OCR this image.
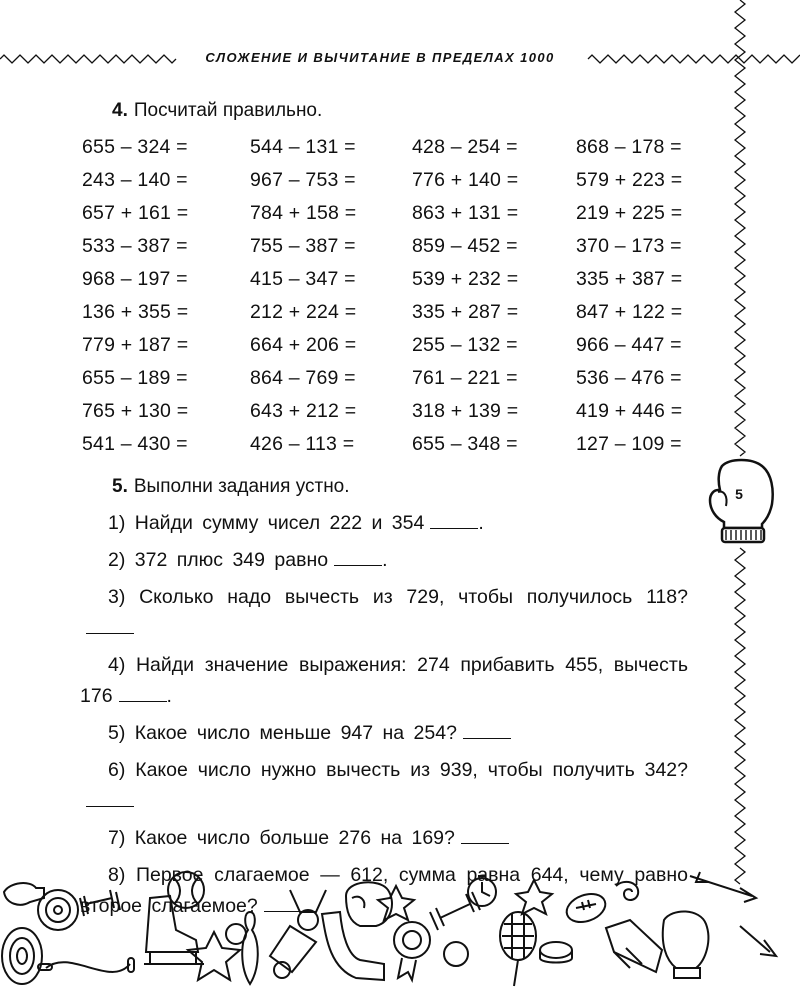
СЛОЖЕНИЕ И ВЫЧИТАНИЕ В ПРЕДЕЛАХ 1000
4. Посчитай правильно.
655 – 324 =	544 – 131 =	428 – 254 =	868 – 178 =
243 – 140 =	967 – 753 =	776 + 140 =	579 + 223 =
657 + 161 =	784 + 158 =	863 + 131 =	219 + 225 =
533 – 387 =	755 – 387 =	859 – 452 =	370 – 173 =
968 – 197 =	415 – 347 =	539 + 232 =	335 + 387 =
136 + 355 =	212 + 224 =	335 + 287 =	847 + 122 =
779 + 187 =	664 + 206 =	255 – 132 =	966 – 447 =
655 – 189 =	864 – 769 =	761 – 221 =	536 – 476 =
765 + 130 =	643 + 212 =	318 + 139 =	419 + 446 =
541 – 430 =	426 – 113 =	655 – 348 =	127 – 109 =
5. Выполни задания устно.
1) Найди сумму чисел 222 и 354	.
2) 372 плюс 349 равно	.
3) Сколько надо вычесть из 729, чтобы получилось 118?
4) Найди значение выражения: 274 прибавить 455, вычесть 176	.
5) Какое число меньше 947 на 254?
6) Какое число нужно вычесть из 939, чтобы получить 342?
7) Какое число больше 276 на 169?
8) Первое слагаемое — 612, сумма равна 644, чему равно второе слагаемое?
5
